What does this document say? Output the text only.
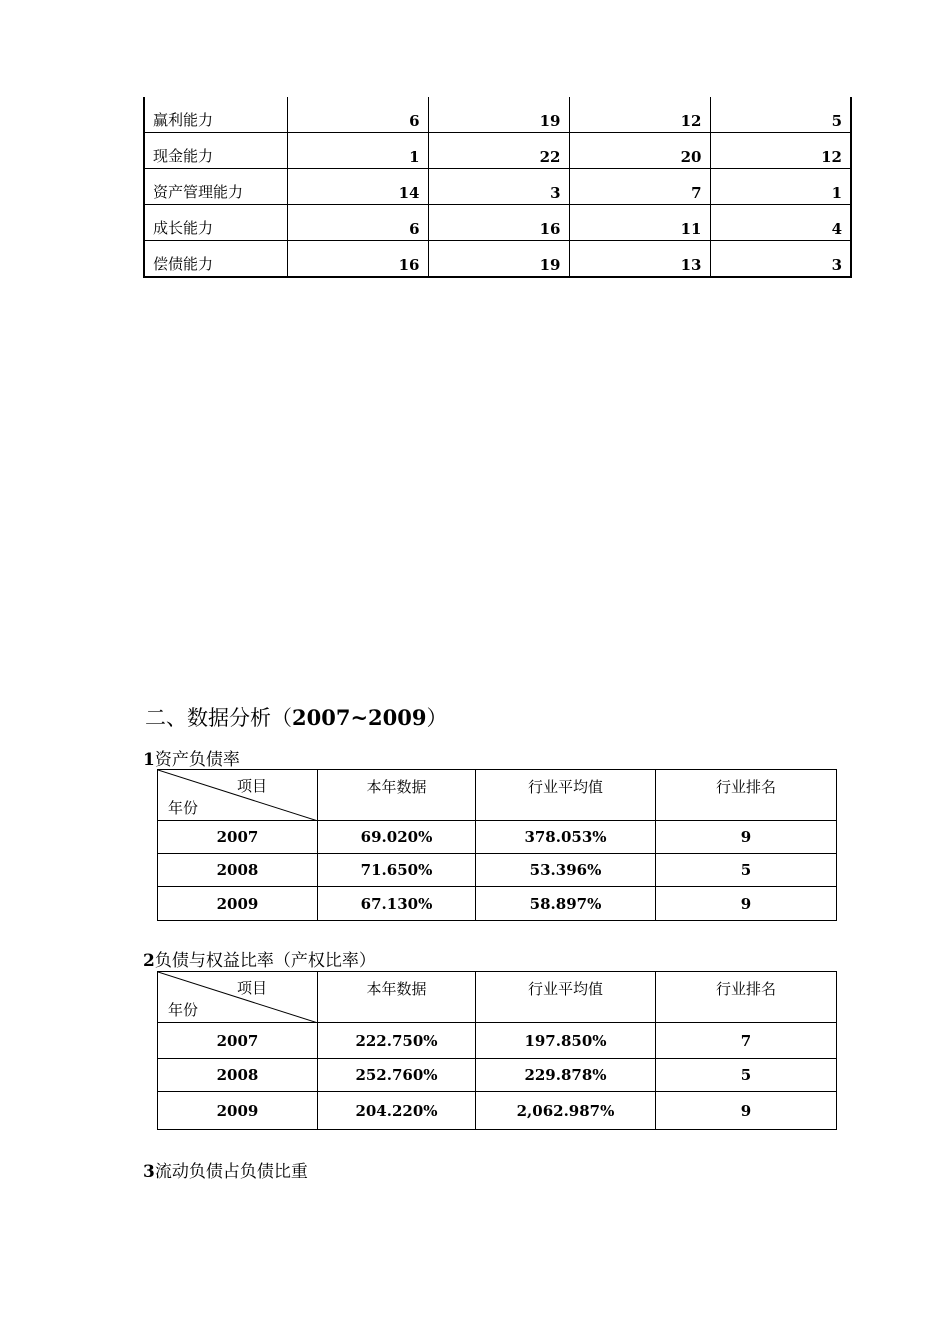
赢利能力	6	19	12	5
现金能力	1	22	20	12
资产管理能力	14	3	7	1
成长能力	6	16	11	4
偿债能力	16	19	13	3
二、数据分析（2007~2009）
1资产负债率
项目
年份	本年数据	行业平均值	行业排名
2007	69.020%	378.053%	9
2008	71.650%	53.396%	5
2009	67.130%	58.897%	9
2负债与权益比率（产权比率）
项目
年份	本年数据	行业平均值	行业排名
2007	222.750%	197.850%	7
2008	252.760%	229.878%	5
2009	204.220%	2,062.987%	9
3流动负债占负债比重
